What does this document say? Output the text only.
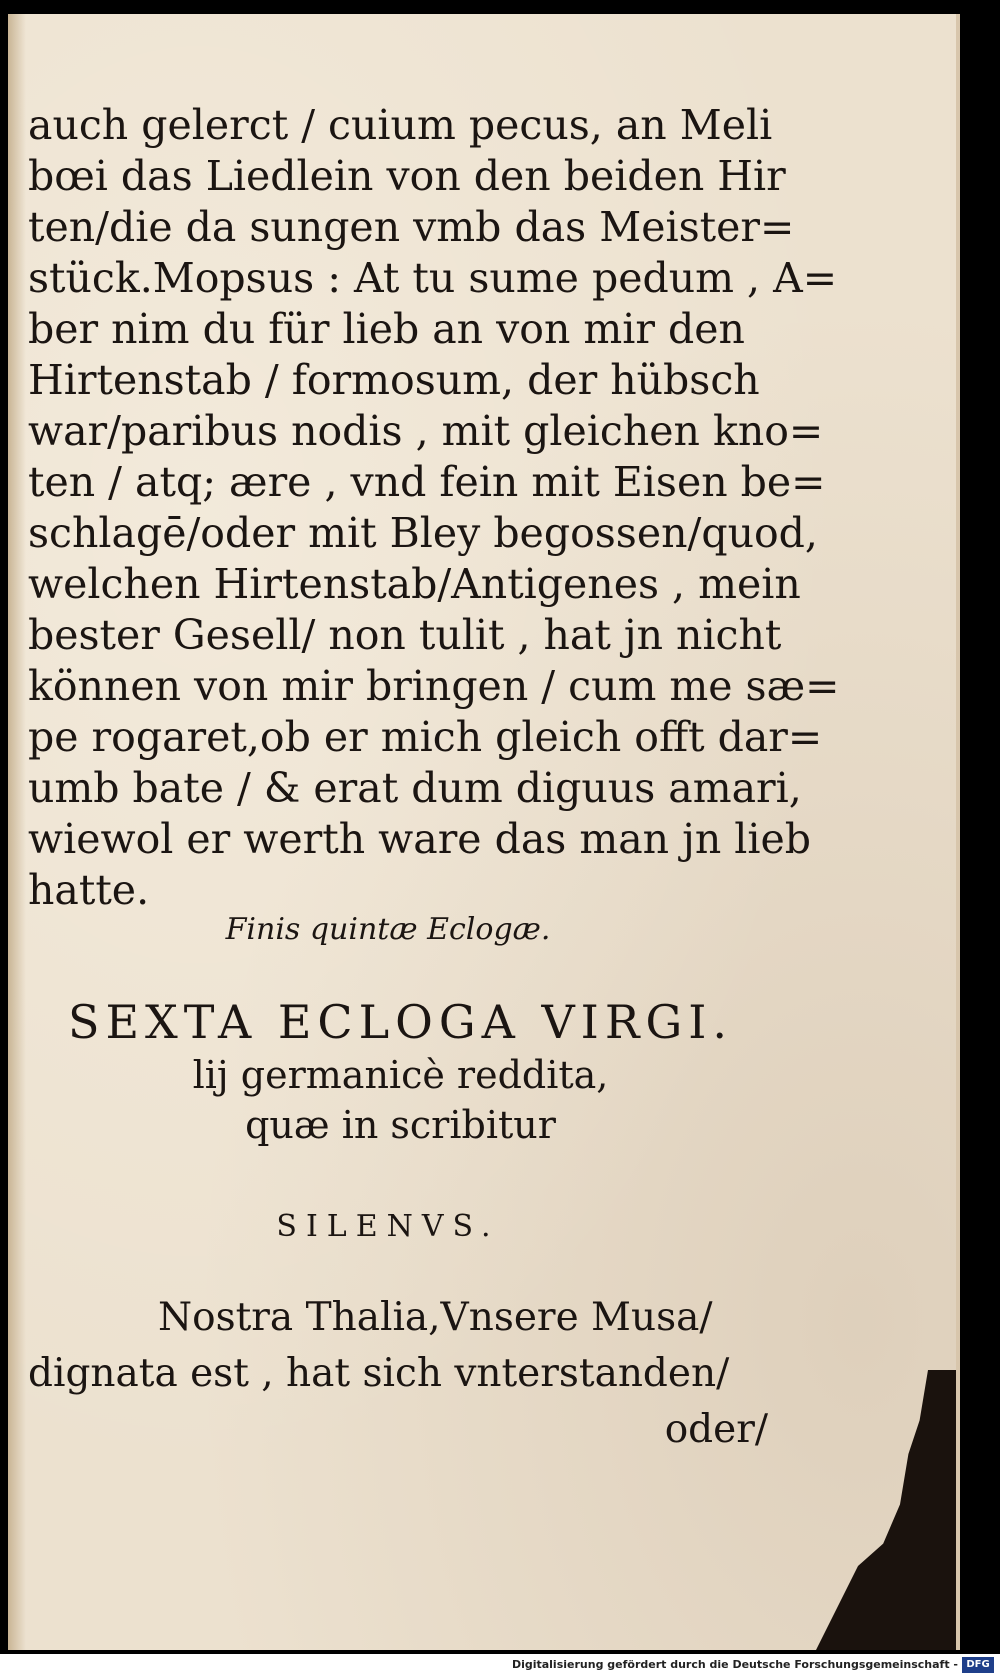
auch gelerct / cuium pecus, an Meli

bœi das Liedlein von den beiden Hir

ten/die da sungen vmb das Meister=

stück.Mopsus : At tu sume pedum , A=

ber nim du für lieb an von mir den

Hirtenstab / formosum, der hübsch

war/paribus nodis , mit gleichen kno=

ten / atq; ære , vnd fein mit Eisen be=

schlagē/oder mit Bley begossen/quod,

welchen Hirtenstab/Antigenes , mein

bester Gesell/ non tulit , hat jn nicht

können von mir bringen / cum me sæ=

pe rogaret,ob er mich gleich offt dar=

umb bate / & erat dum diguus amari,

wiewol er werth ware das man jn lieb

hatte.

Finis quintæ Eclogæ.
SEXTA ECLOGA VIRGI.
lij germanicè reddita,
quæ in scribitur
SILENVS.
Nostra Thalia,Vnsere Musa/
dignata est , hat sich vnterstanden/
oder/
Digitalisierung gefördert durch die Deutsche Forschungsgemeinschaft - DFG
